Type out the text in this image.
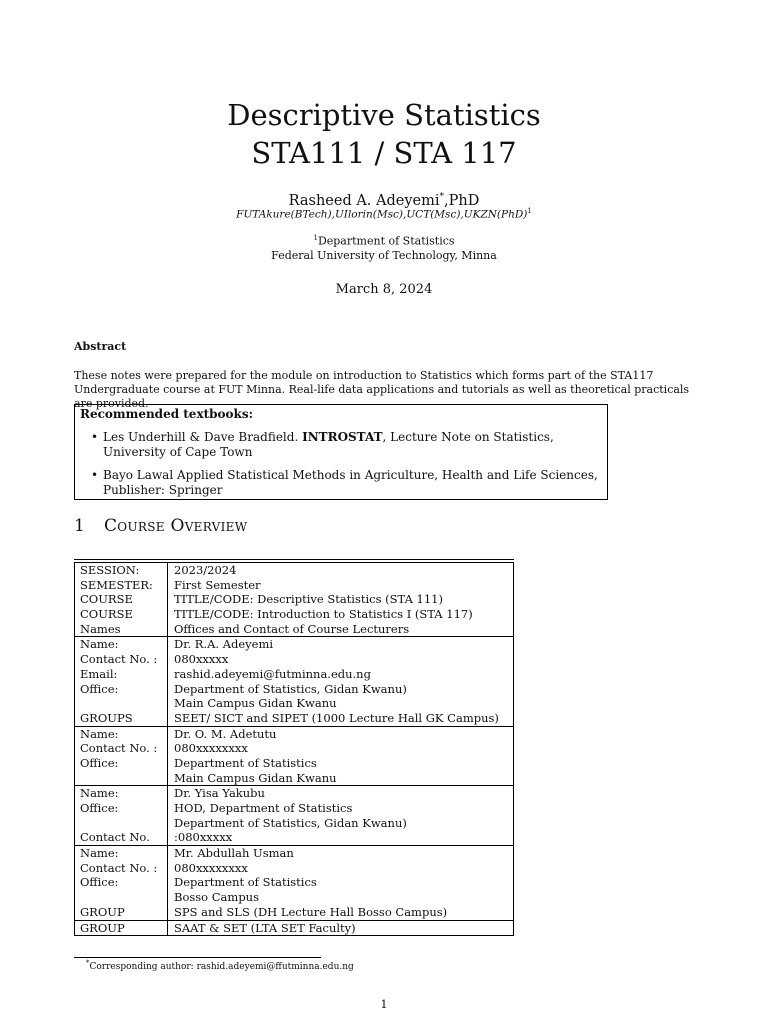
Descriptive Statistics
STA111 / STA 117
Rasheed A. Adeyemi*,PhD
FUTAkure(BTech),UIlorin(Msc),UCT(Msc),UKZN(PhD)$^1$
$^1$Department of Statistics
Federal University of Technology, Minna
March 8, 2024
Abstract
These notes were prepared for the module on introduction to Statistics which forms part of the STA117 Undergraduate course at FUT Minna. Real-life data applications and tutorials as well as theoretical practicals are provided.
Recommended textbooks:
• Les Underhill & Dave Bradfield. INTROSTAT, Lecture Note on Statistics, University of Cape Town
• Bayo Lawal Applied Statistical Methods in Agriculture, Health and Life Sciences, Publisher: Springer
1 Course Overview
SESSION:	2023/2024
SEMESTER:	First Semester
COURSE	TITLE/CODE: Descriptive Statistics (STA 111)
COURSE	TITLE/CODE: Introduction to Statistics I (STA 117)
Names	Offices and Contact of Course Lecturers
Name:	Dr. R.A. Adeyemi
Contact No. :	080xxxxx
Email:	rashid.adeyemi@futminna.edu.ng
Office:	Department of Statistics, Gidan Kwanu)
Main Campus Gidan Kwanu
GROUPS	SEET/ SICT and SIPET (1000 Lecture Hall GK Campus)
Name:	Dr. O. M. Adetutu
Contact No. :	080xxxxxxxx
Office:	Department of Statistics
Main Campus Gidan Kwanu
Name:	Dr. Yisa Yakubu
Office:	HOD, Department of Statistics
Department of Statistics, Gidan Kwanu)
Contact No.	:080xxxxx
Name:	Mr. Abdullah Usman
Contact No. :	080xxxxxxxx
Office:	Department of Statistics
Bosso Campus
GROUP	SPS and SLS (DH Lecture Hall Bosso Campus)
GROUP	SAAT & SET (LTA SET Faculty)
*Corresponding author: rashid.adeyemi@ffutminna.edu.ng
1
